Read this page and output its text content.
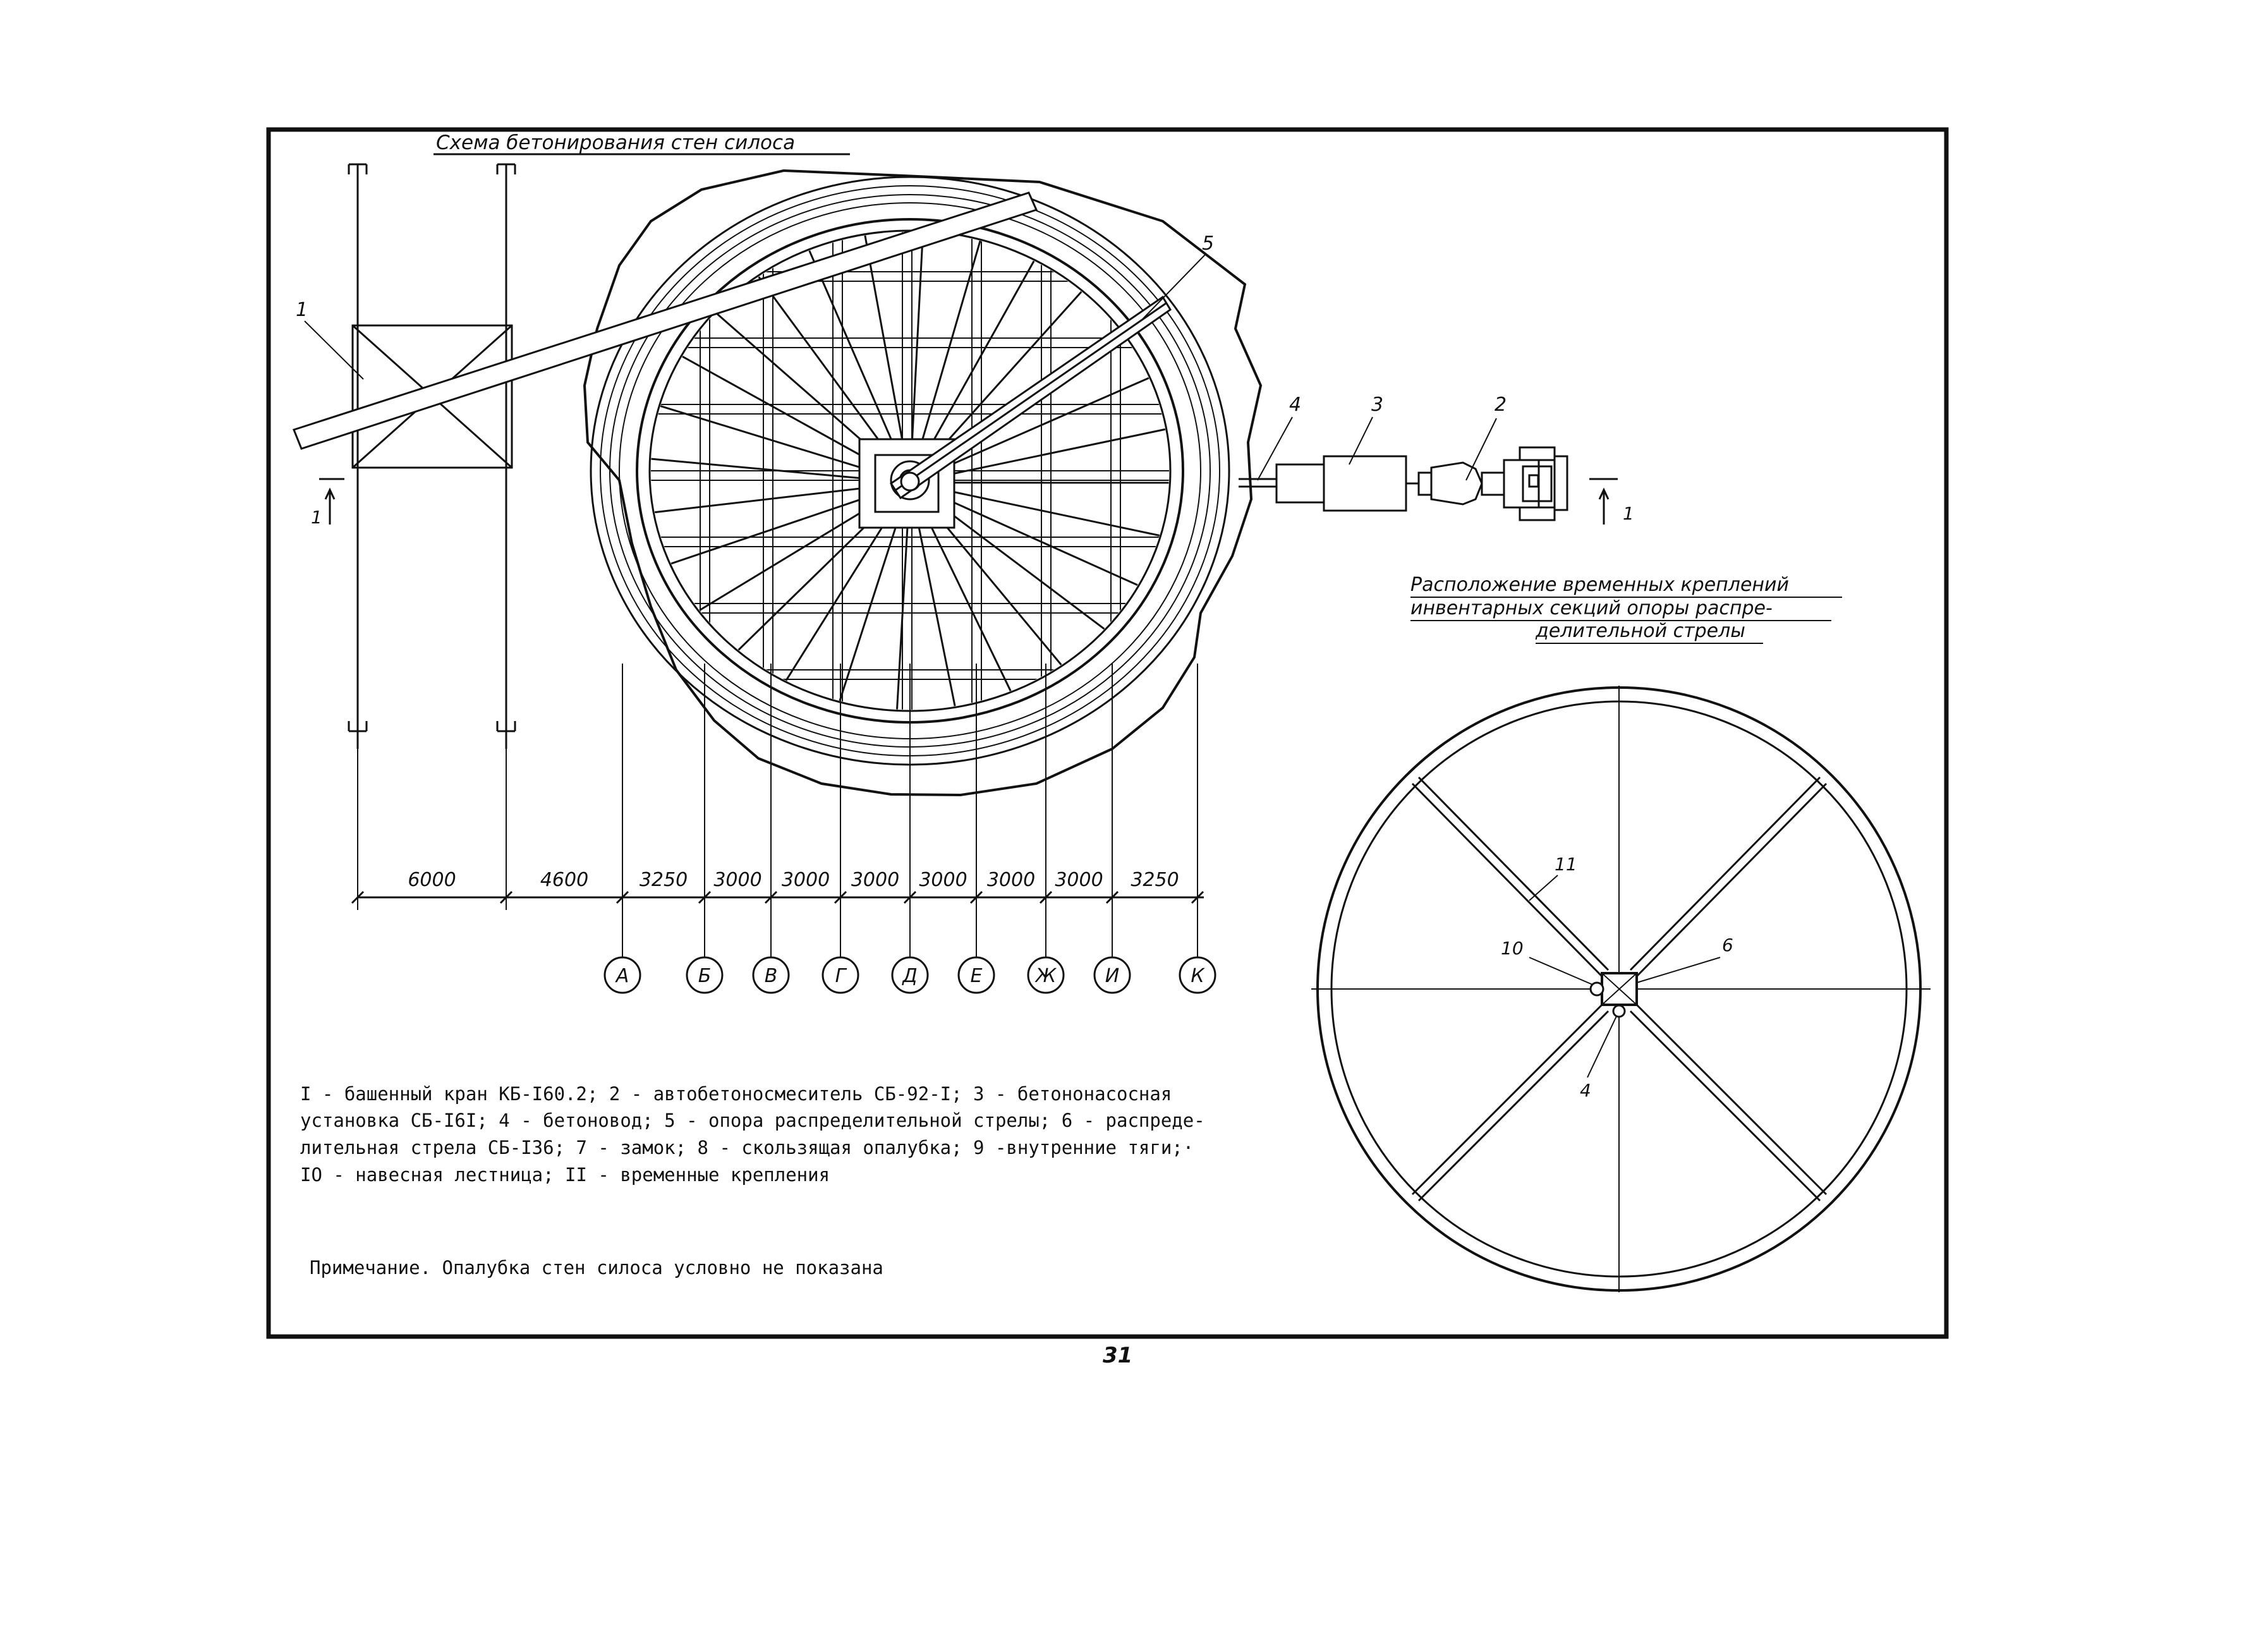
Схема бетонирования стен силоса
1
1
5
4	3	2
1
Расположение временных креплений
инвентарных секций опоры распре-
делительной стрелы
6000	4600	3250 3000 3000 3000 3000 3000 3000 3250
А	Б	В	Г	Д	Е	Ж	И	К
11
10	6
4
I - башенный кран КБ-I60.2; 2 - автобетоносмеситель СБ-92-I; 3 - бетононасосная
установка СБ-I6I; 4 - бетоновод; 5 - опора распределительной стрелы; 6 - распреде-
лительная стрела СБ-I36; 7 - замок; 8 - скользящая опалубка; 9 -внутренние тяги;·
IO - навесная лестница; II - временные крепления
Примечание. Опалубка стен силоса условно не показана
31
